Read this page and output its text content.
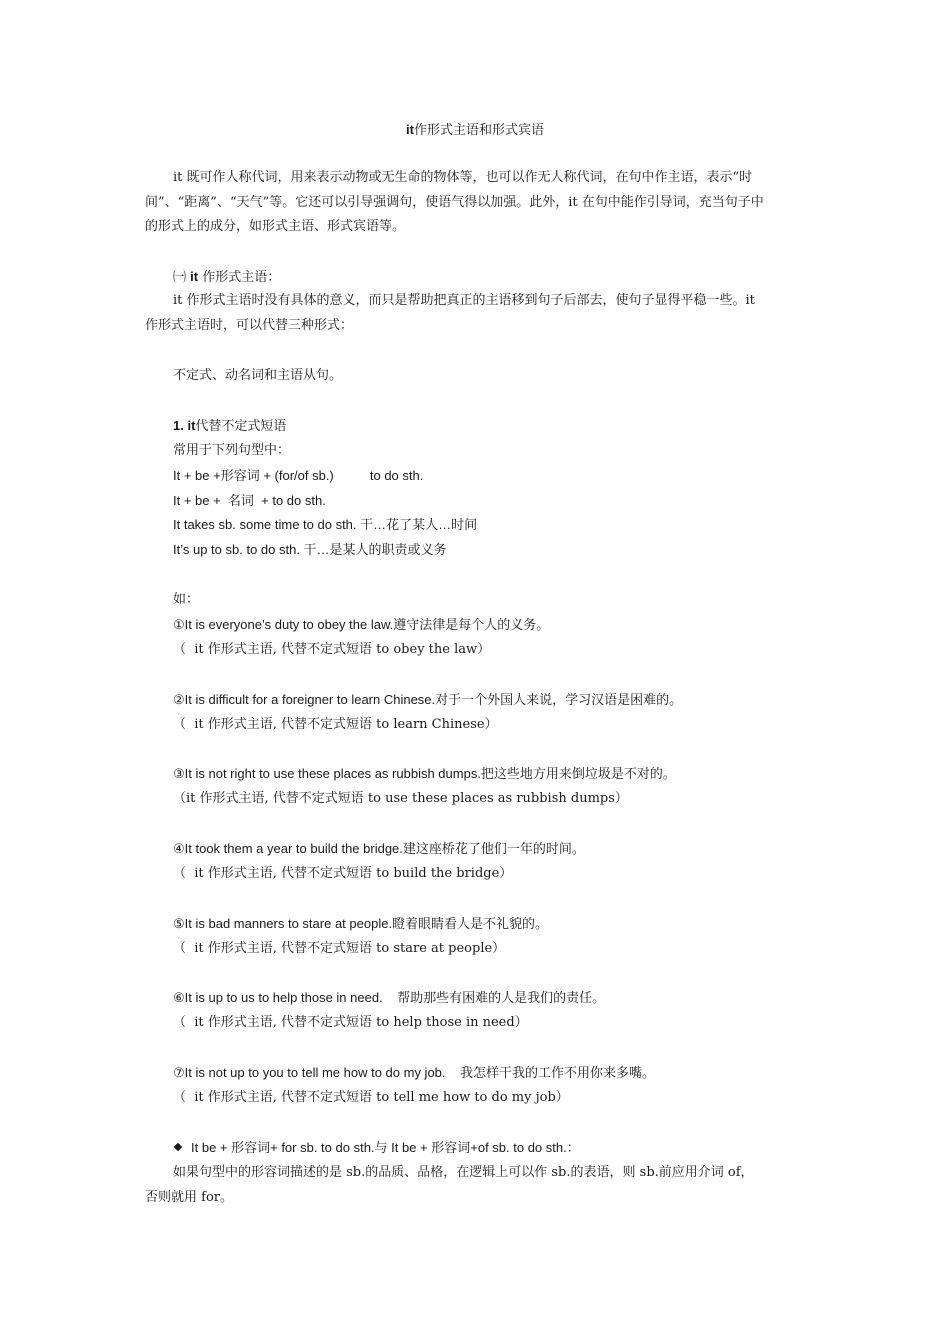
it作形式主语和形式宾语
it 既可作人称代词，用来表示动物或无生命的物体等，也可以作无人称代词，在句中作主语，表示“时
间”、“距离”、“天气”等。它还可以引导强调句，使语气得以加强。此外，it 在句中能作引导词，充当句子中
的形式上的成分，如形式主语、形式宾语等。
㈠ it 作形式主语：
it 作形式主语时没有具体的意义，而只是帮助把真正的主语移到句子后部去，使句子显得平稳一些。it
作形式主语时，可以代替三种形式：
不定式、动名词和主语从句。
1. it代替不定式短语
常用于下列句型中：
It + be +形容词 + (for/of sb.)          to do sth.
It + be +  名词  + to do sth.
It takes sb. some time to do sth. 干…花了某人…时间
It’s up to sb. to do sth. 干…是某人的职责或义务
如：
①It is everyone’s duty to obey the law.遵守法律是每个人的义务。
（  it 作形式主语, 代替不定式短语 to obey the law）
②It is difficult for a foreigner to learn Chinese.对于一个外国人来说，学习汉语是困难的。
（  it 作形式主语, 代替不定式短语 to learn Chinese）
③It is not right to use these places as rubbish dumps.把这些地方用来倒垃圾是不对的。
（it 作形式主语, 代替不定式短语 to use these places as rubbish dumps）
④It took them a year to build the bridge.建这座桥花了他们一年的时间。
（  it 作形式主语, 代替不定式短语 to build the bridge）
⑤It is bad manners to stare at people.瞪着眼睛看人是不礼貌的。
（  it 作形式主语, 代替不定式短语 to stare at people）
⑥It is up to us to help those in need.    帮助那些有困难的人是我们的责任。
（  it 作形式主语, 代替不定式短语 to help those in need）
⑦It is not up to you to tell me how to do my job.    我怎样干我的工作不用你来多嘴。
（  it 作形式主语, 代替不定式短语 to tell me how to do my job）
It be + 形容词+ for sb. to do sth.与 It be + 形容词+of sb. to do sth.：
如果句型中的形容词描述的是 sb.的品质、品格，在逻辑上可以作 sb.的表语，则 sb.前应用介词 of，
否则就用 for。
